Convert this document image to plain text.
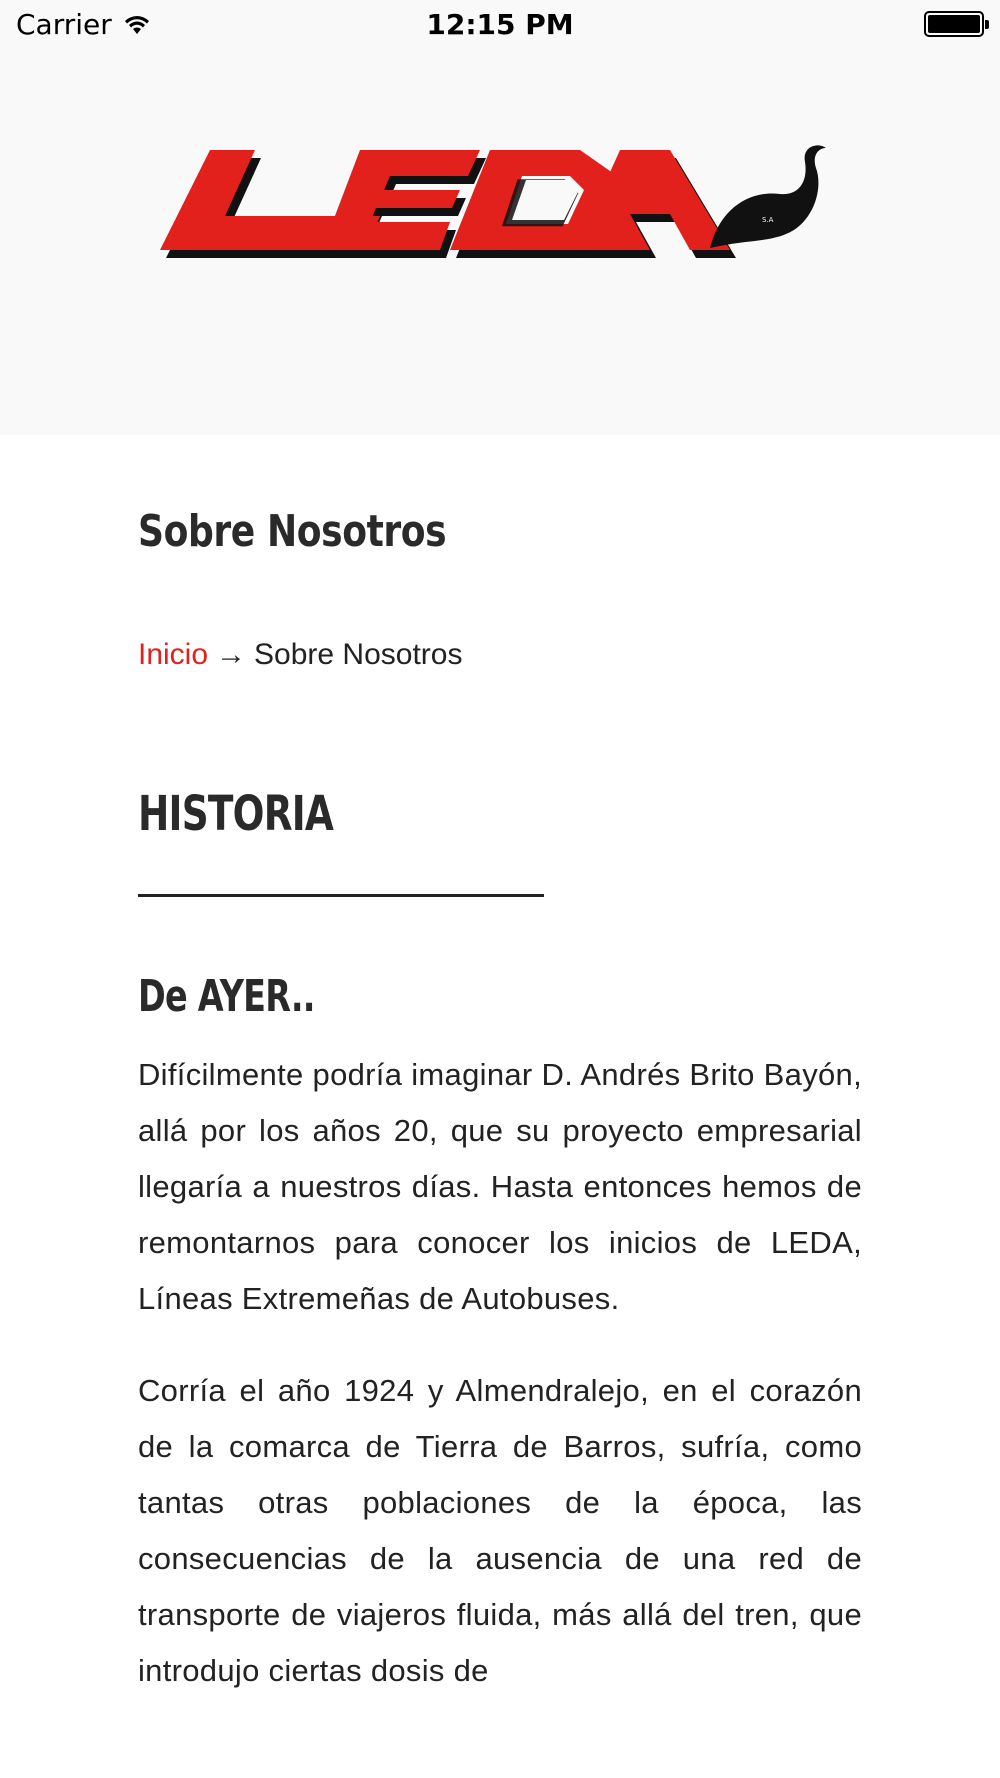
Carrier	12:15 PM
S.A
Sobre Nosotros
Inicio → Sobre Nosotros
HISTORIA
De AYER..

Difícilmente podría imaginar D. Andrés Brito Bayón, allá por los años 20, que su proyecto empresarial llegaría a nuestros días. Hasta entonces hemos de remontarnos para conocer los inicios de LEDA, Líneas Extremeñas de Autobuses.

Corría el año 1924 y Almendralejo, en el corazón de la comarca de Tierra de Barros, sufría, como tantas otras poblaciones de la época, las consecuencias de la ausencia de una red de transporte de viajeros fluida, más allá del tren, que introdujo ciertas dosis de
